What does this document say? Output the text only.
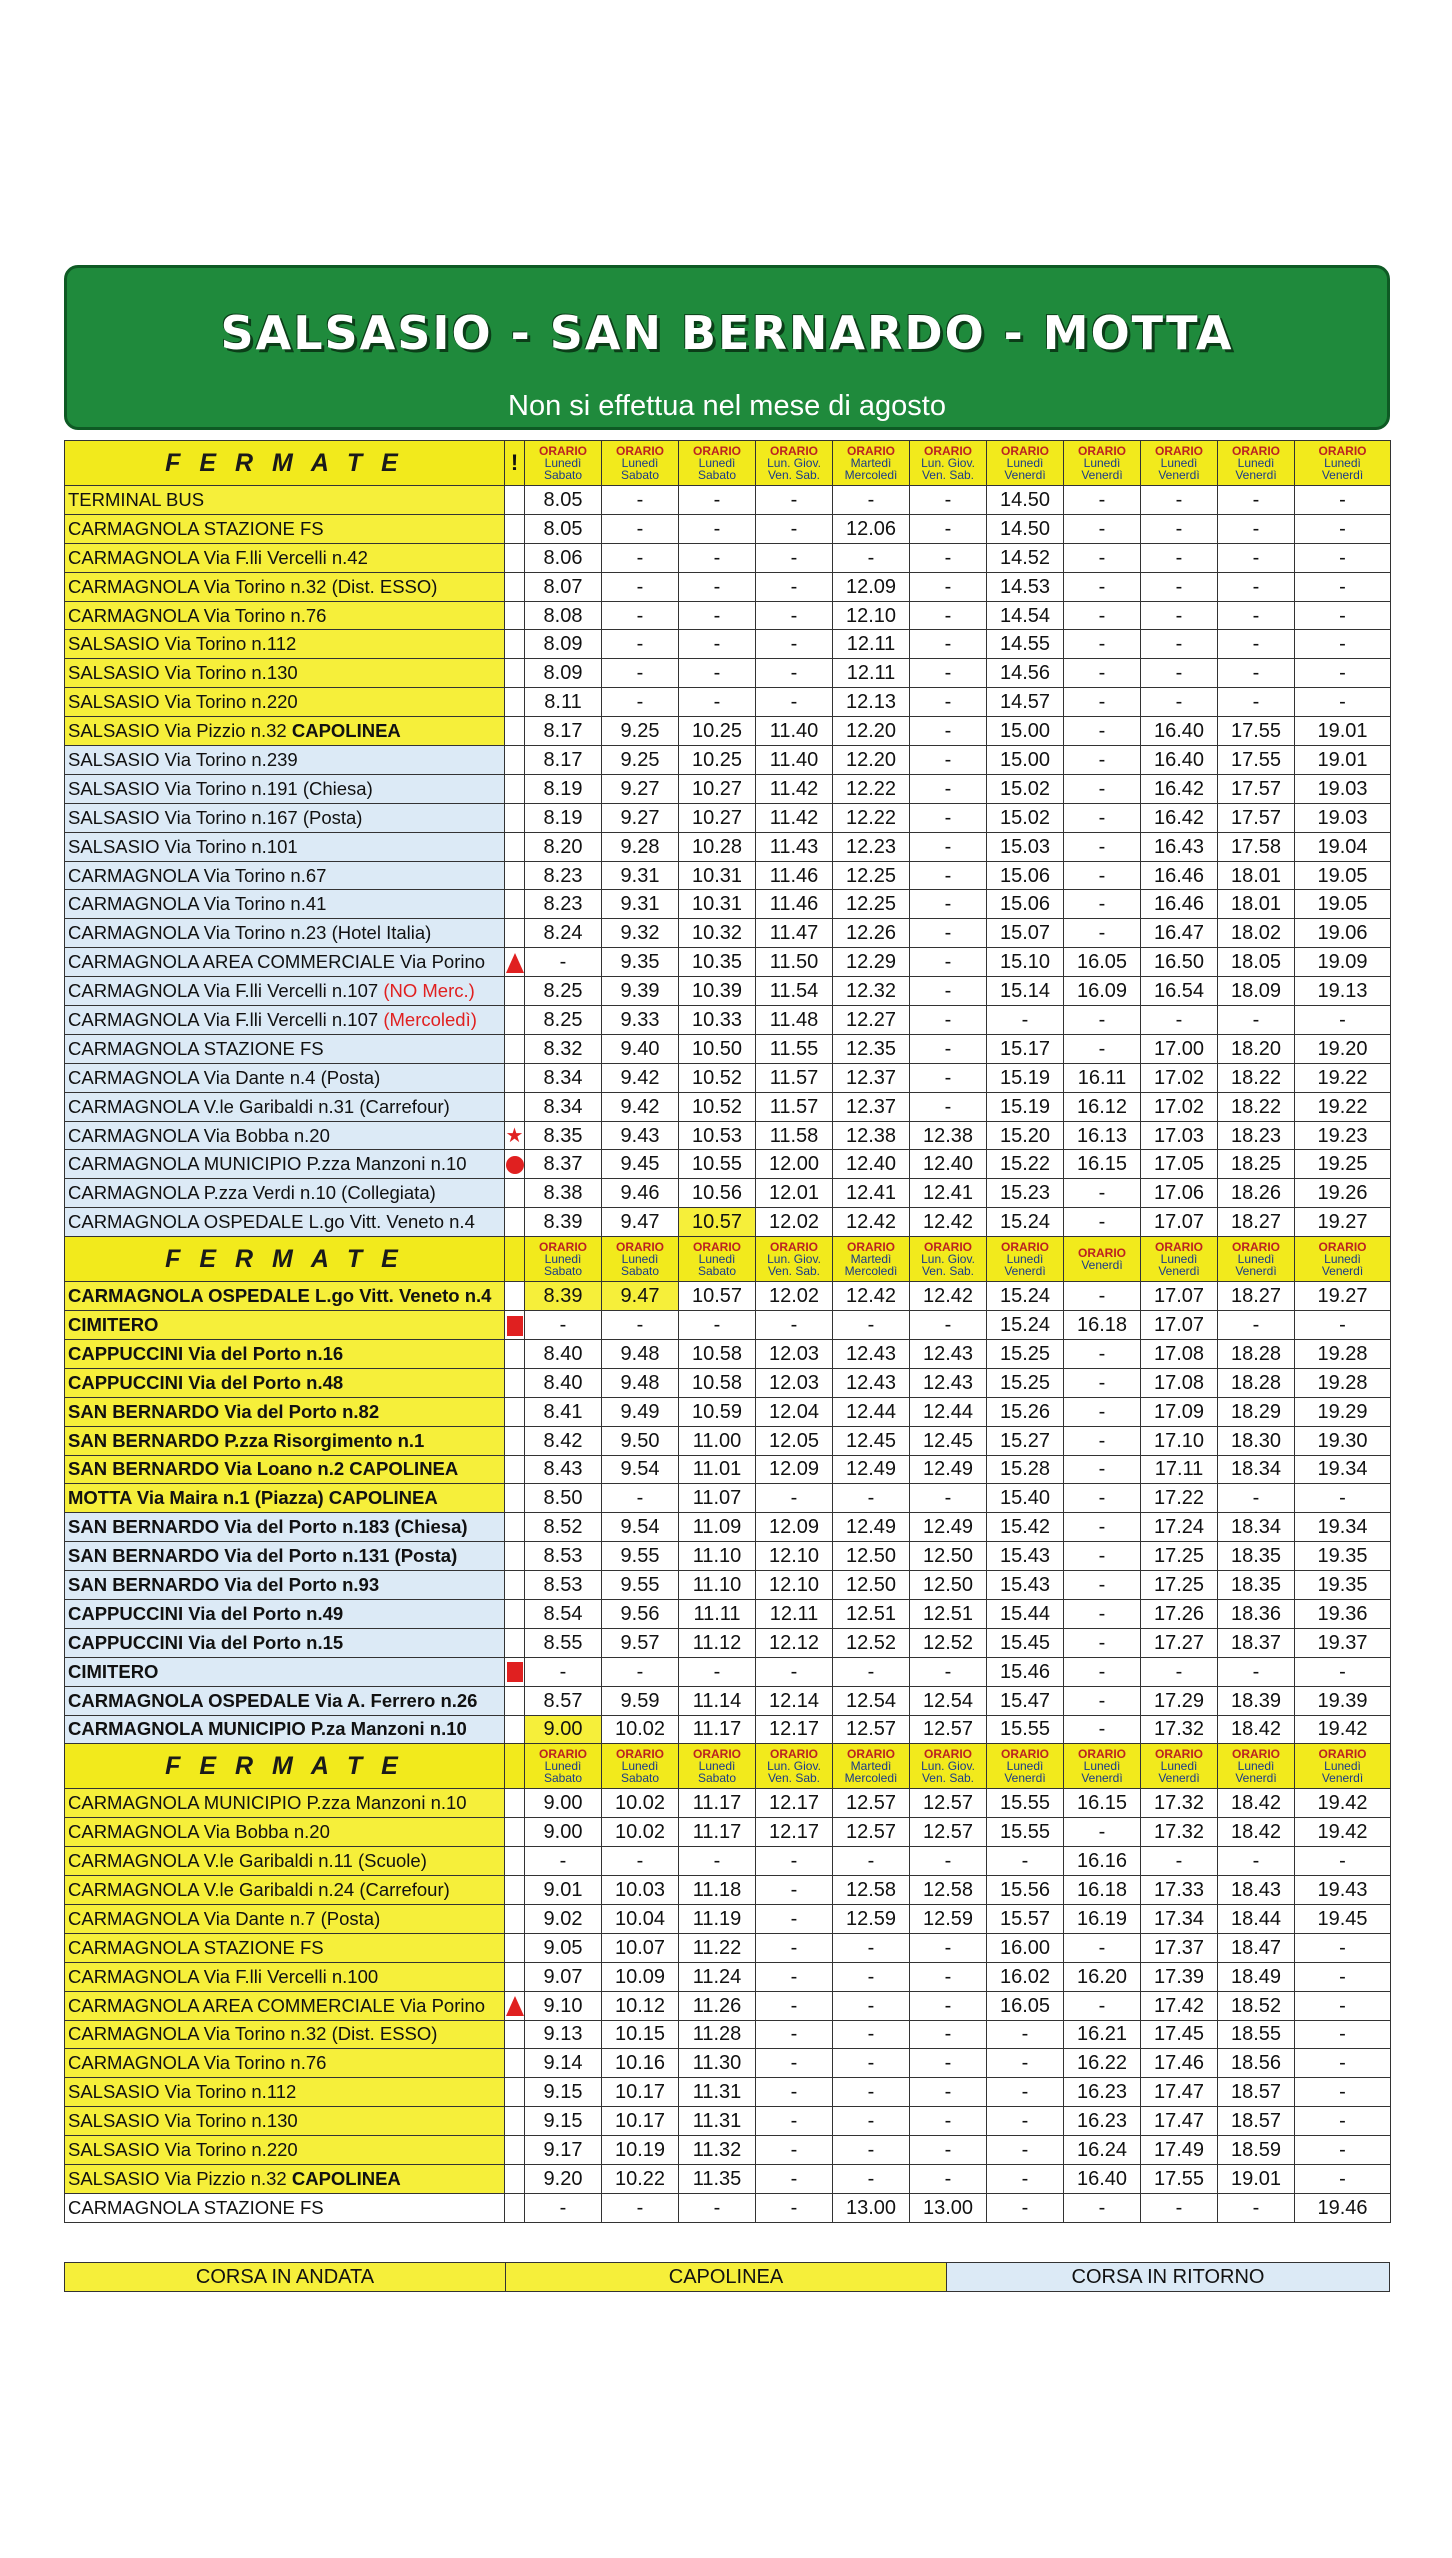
SALSASIO - SAN BERNARDO - MOTTA
Non si effettua nel mese di agosto
F E R M A T E	!	ORARIO
Lunedì
Sabato	ORARIO
Lunedì
Sabato	ORARIO
Lunedì
Sabato	ORARIO
Lun. Giov.
Ven. Sab.	ORARIO
Martedì
Mercoledì	ORARIO
Lun. Giov.
Ven. Sab.	ORARIO
Lunedì
Venerdì	ORARIO
Lunedì
Venerdì	ORARIO
Lunedì
Venerdì	ORARIO
Lunedì
Venerdì	ORARIO
Lunedì
Venerdì

TERMINAL BUS		8.05	-	-	-	-	-	14.50	-	-	-	-
CARMAGNOLA STAZIONE FS		8.05	-	-	-	12.06	-	14.50	-	-	-	-
CARMAGNOLA Via F.lli Vercelli n.42		8.06	-	-	-	-	-	14.52	-	-	-	-
CARMAGNOLA Via Torino n.32 (Dist. ESSO)		8.07	-	-	-	12.09	-	14.53	-	-	-	-
CARMAGNOLA Via Torino n.76		8.08	-	-	-	12.10	-	14.54	-	-	-	-
SALSASIO Via Torino n.112		8.09	-	-	-	12.11	-	14.55	-	-	-	-
SALSASIO Via Torino n.130		8.09	-	-	-	12.11	-	14.56	-	-	-	-
SALSASIO Via Torino n.220		8.11	-	-	-	12.13	-	14.57	-	-	-	-
SALSASIO Via Pizzio n.32 CAPOLINEA		8.17	9.25	10.25	11.40	12.20	-	15.00	-	16.40	17.55	19.01
SALSASIO Via Torino n.239		8.17	9.25	10.25	11.40	12.20	-	15.00	-	16.40	17.55	19.01
SALSASIO Via Torino n.191 (Chiesa)		8.19	9.27	10.27	11.42	12.22	-	15.02	-	16.42	17.57	19.03
SALSASIO Via Torino n.167 (Posta)		8.19	9.27	10.27	11.42	12.22	-	15.02	-	16.42	17.57	19.03
SALSASIO Via Torino n.101		8.20	9.28	10.28	11.43	12.23	-	15.03	-	16.43	17.58	19.04
CARMAGNOLA Via Torino n.67		8.23	9.31	10.31	11.46	12.25	-	15.06	-	16.46	18.01	19.05
CARMAGNOLA Via Torino n.41		8.23	9.31	10.31	11.46	12.25	-	15.06	-	16.46	18.01	19.05
CARMAGNOLA Via Torino n.23 (Hotel Italia)		8.24	9.32	10.32	11.47	12.26	-	15.07	-	16.47	18.02	19.06
CARMAGNOLA AREA COMMERCIALE Via Porino		-	9.35	10.35	11.50	12.29	-	15.10	16.05	16.50	18.05	19.09
CARMAGNOLA Via F.lli Vercelli n.107 (NO Merc.)		8.25	9.39	10.39	11.54	12.32	-	15.14	16.09	16.54	18.09	19.13
CARMAGNOLA Via F.lli Vercelli n.107 (Mercoledì)		8.25	9.33	10.33	11.48	12.27	-	-	-	-	-	-
CARMAGNOLA STAZIONE FS		8.32	9.40	10.50	11.55	12.35	-	15.17	-	17.00	18.20	19.20
CARMAGNOLA Via Dante n.4 (Posta)		8.34	9.42	10.52	11.57	12.37	-	15.19	16.11	17.02	18.22	19.22
CARMAGNOLA V.le Garibaldi n.31 (Carrefour)		8.34	9.42	10.52	11.57	12.37	-	15.19	16.12	17.02	18.22	19.22
CARMAGNOLA Via Bobba n.20	★	8.35	9.43	10.53	11.58	12.38	12.38	15.20	16.13	17.03	18.23	19.23
CARMAGNOLA MUNICIPIO P.zza Manzoni n.10		8.37	9.45	10.55	12.00	12.40	12.40	15.22	16.15	17.05	18.25	19.25
CARMAGNOLA P.zza Verdi n.10 (Collegiata)		8.38	9.46	10.56	12.01	12.41	12.41	15.23	-	17.06	18.26	19.26
CARMAGNOLA OSPEDALE L.go Vitt. Veneto n.4		8.39	9.47	10.57	12.02	12.42	12.42	15.24	-	17.07	18.27	19.27
F E R M A T E		ORARIO
Lunedì
Sabato	ORARIO
Lunedì
Sabato	ORARIO
Lunedì
Sabato	ORARIO
Lun. Giov.
Ven. Sab.	ORARIO
Martedì
Mercoledì	ORARIO
Lun. Giov.
Ven. Sab.	ORARIO
Lunedì
Venerdì	ORARIO
Venerdì	ORARIO
Lunedì
Venerdì	ORARIO
Lunedì
Venerdì	ORARIO
Lunedì
Venerdì

CARMAGNOLA OSPEDALE L.go Vitt. Veneto n.4		8.39	9.47	10.57	12.02	12.42	12.42	15.24	-	17.07	18.27	19.27
CIMITERO		-	-	-	-	-	-	15.24	16.18	17.07	-	-
CAPPUCCINI Via del Porto n.16		8.40	9.48	10.58	12.03	12.43	12.43	15.25	-	17.08	18.28	19.28
CAPPUCCINI Via del Porto n.48		8.40	9.48	10.58	12.03	12.43	12.43	15.25	-	17.08	18.28	19.28
SAN BERNARDO Via del Porto n.82		8.41	9.49	10.59	12.04	12.44	12.44	15.26	-	17.09	18.29	19.29
SAN BERNARDO P.zza Risorgimento n.1		8.42	9.50	11.00	12.05	12.45	12.45	15.27	-	17.10	18.30	19.30
SAN BERNARDO Via Loano n.2 CAPOLINEA		8.43	9.54	11.01	12.09	12.49	12.49	15.28	-	17.11	18.34	19.34
MOTTA Via Maira n.1 (Piazza) CAPOLINEA		8.50	-	11.07	-	-	-	15.40	-	17.22	-	-
SAN BERNARDO Via del Porto n.183 (Chiesa)		8.52	9.54	11.09	12.09	12.49	12.49	15.42	-	17.24	18.34	19.34
SAN BERNARDO Via del Porto n.131 (Posta)		8.53	9.55	11.10	12.10	12.50	12.50	15.43	-	17.25	18.35	19.35
SAN BERNARDO Via del Porto n.93		8.53	9.55	11.10	12.10	12.50	12.50	15.43	-	17.25	18.35	19.35
CAPPUCCINI Via del Porto n.49		8.54	9.56	11.11	12.11	12.51	12.51	15.44	-	17.26	18.36	19.36
CAPPUCCINI Via del Porto n.15		8.55	9.57	11.12	12.12	12.52	12.52	15.45	-	17.27	18.37	19.37
CIMITERO		-	-	-	-	-	-	15.46	-	-	-	-
CARMAGNOLA OSPEDALE Via A. Ferrero n.26		8.57	9.59	11.14	12.14	12.54	12.54	15.47	-	17.29	18.39	19.39
CARMAGNOLA MUNICIPIO P.za Manzoni n.10		9.00	10.02	11.17	12.17	12.57	12.57	15.55	-	17.32	18.42	19.42
F E R M A T E		ORARIO
Lunedì
Sabato	ORARIO
Lunedì
Sabato	ORARIO
Lunedì
Sabato	ORARIO
Lun. Giov.
Ven. Sab.	ORARIO
Martedì
Mercoledì	ORARIO
Lun. Giov.
Ven. Sab.	ORARIO
Lunedì
Venerdì	ORARIO
Lunedì
Venerdì	ORARIO
Lunedì
Venerdì	ORARIO
Lunedì
Venerdì	ORARIO
Lunedì
Venerdì

CARMAGNOLA MUNICIPIO P.zza Manzoni n.10		9.00	10.02	11.17	12.17	12.57	12.57	15.55	16.15	17.32	18.42	19.42
CARMAGNOLA Via Bobba n.20		9.00	10.02	11.17	12.17	12.57	12.57	15.55	-	17.32	18.42	19.42
CARMAGNOLA V.le Garibaldi n.11 (Scuole)		-	-	-	-	-	-	-	16.16	-	-	-
CARMAGNOLA V.le Garibaldi n.24 (Carrefour)		9.01	10.03	11.18	-	12.58	12.58	15.56	16.18	17.33	18.43	19.43
CARMAGNOLA Via Dante n.7 (Posta)		9.02	10.04	11.19	-	12.59	12.59	15.57	16.19	17.34	18.44	19.45
CARMAGNOLA STAZIONE FS		9.05	10.07	11.22	-	-	-	16.00	-	17.37	18.47	-
CARMAGNOLA Via F.lli Vercelli n.100		9.07	10.09	11.24	-	-	-	16.02	16.20	17.39	18.49	-
CARMAGNOLA AREA COMMERCIALE Via Porino		9.10	10.12	11.26	-	-	-	16.05	-	17.42	18.52	-
CARMAGNOLA Via Torino n.32 (Dist. ESSO)		9.13	10.15	11.28	-	-	-	-	16.21	17.45	18.55	-
CARMAGNOLA Via Torino n.76		9.14	10.16	11.30	-	-	-	-	16.22	17.46	18.56	-
SALSASIO Via Torino n.112		9.15	10.17	11.31	-	-	-	-	16.23	17.47	18.57	-
SALSASIO Via Torino n.130		9.15	10.17	11.31	-	-	-	-	16.23	17.47	18.57	-
SALSASIO Via Torino n.220		9.17	10.19	11.32	-	-	-	-	16.24	17.49	18.59	-
SALSASIO Via Pizzio n.32 CAPOLINEA		9.20	10.22	11.35	-	-	-	-	16.40	17.55	19.01	-
CARMAGNOLA STAZIONE FS		-	-	-	-	13.00	13.00	-	-	-	-	19.46
CORSA IN ANDATA	CAPOLINEA	CORSA IN RITORNO
